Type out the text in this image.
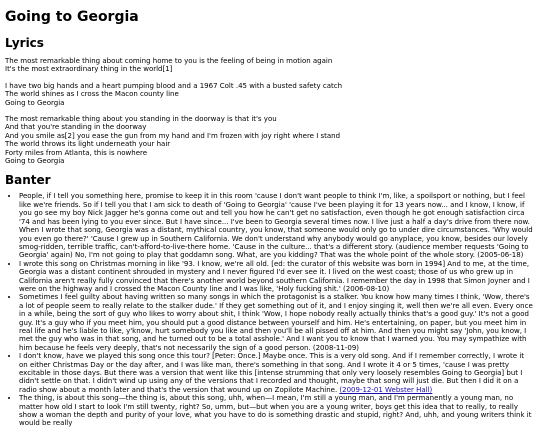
Going to Georgia
Lyrics
The most remarkable thing about coming home to you is the feeling of being in motion again
It's the most extraordinary thing in the world[1]
I have two big hands and a heart pumping blood and a 1967 Colt .45 with a busted safety catch
The world shines as I cross the Macon county line
Going to Georgia
The most remarkable thing about you standing in the doorway is that it's you
And that you're standing in the doorway
And you smile as[2] you ease the gun from my hand and I'm frozen with joy right where I stand
The world throws its light underneath your hair
Forty miles from Atlanta, this is nowhere
Going to Georgia
Banter
• People, if I tell you something here, promise to keep it in this room 'cause I don't want people to think I'm, like, a spoilsport or nothing, but I feel like we're friends. So if I tell you that I am sick to death of 'Going to Georgia' 'cause I've been playing it for 13 years now... and I know, I know, if you go see my boy Nick Jagger he's gonna come out and tell you how he can't get no satisfaction, even though he got enough satisfaction circa '74 and has been lying to you ever since. But I have since... I've been to Georgia several times now. I live just a half a day's drive from there now. When I wrote that song, Georgia was a distant, mythical country, you know, that someone would only go to under dire circumstances. 'Why would you even go there?' 'Cause I grew up in Southern California. We don't understand why anybody would go anyplace, you know, besides our lovely smog-ridden, terrible traffic, can't-afford-to-live-there home. 'Cause in the culture... that's a different story. (audience member requests 'Going to Georgia' again) No, I'm not going to play that goddamn song. What, are you kidding? That was the whole point of the whole story. (2005-06-18)
• I wrote this song on Christmas morning in like '93. I know, we're all old. [ed: the curator of this website was born in 1994] And to me, at the time, Georgia was a distant continent shrouded in mystery and I never figured I'd ever see it. I lived on the west coast; those of us who grew up in California aren't really fully convinced that there's another world beyond southern California. I remember the day in 1998 that Simon Joyner and I were on the highway and I crossed the Macon County line and I was like, 'Holy fucking shit.' (2006-08-10)
• Sometimes I feel guilty about having written so many songs in which the protagonist is a stalker. You know how many times I think, 'Wow, there's a lot of people seem to really relate to the stalker dude.' If they get something out of it, and I enjoy singing it, well then we're all even. Every once in a while, being the sort of guy who likes to worry about shit, I think 'Wow, I hope nobody really actually thinks that's a good guy.' It's not a good guy. It's a guy who if you meet him, you should put a good distance between yourself and him. He's entertaining, on paper, but you meet him in real life and he's liable to like, y'know, hurt somebody you like and then you'll be all pissed off at him. And then you might say 'John, you know, I met the guy who was in that song, and he turned out to be a total asshole.' And I want you to know that I warned you. You may sympathize with him because he feels very deeply, that's not necessarily the sign of a good person. (2008-11-09)
• I don't know, have we played this song once this tour? [Peter: Once.] Maybe once. This is a very old song. And if I remember correctly, I wrote it on either Christmas Day or the day after, and I was like man, there's something in that song. And I wrote it 4 or 5 times, 'cause I was pretty excitable in those days. But there was a version that went like this [intense strumming that only very loosely resembles Going to Georgia] but I didn't settle on that. I didn't wind up using any of the versions that I recorded and thought, maybe that song will just die. But then I did it on a radio show about a month later and that's the version that wound up on Zopilote Machine. (2009-12-01 Webster Hall)
• The thing, is about this song—the thing is, about this song, uhh, when—I mean, I'm still a young man, and I'm permanently a young man, no matter how old I start to look I'm still twenty, right? So, umm, but—but when you are a young writer, boys get this idea that to really, to really show a woman the depth and purity of your love, what you have to do is something drastic and stupid, right? And, uhh, and young writers think it would be really
